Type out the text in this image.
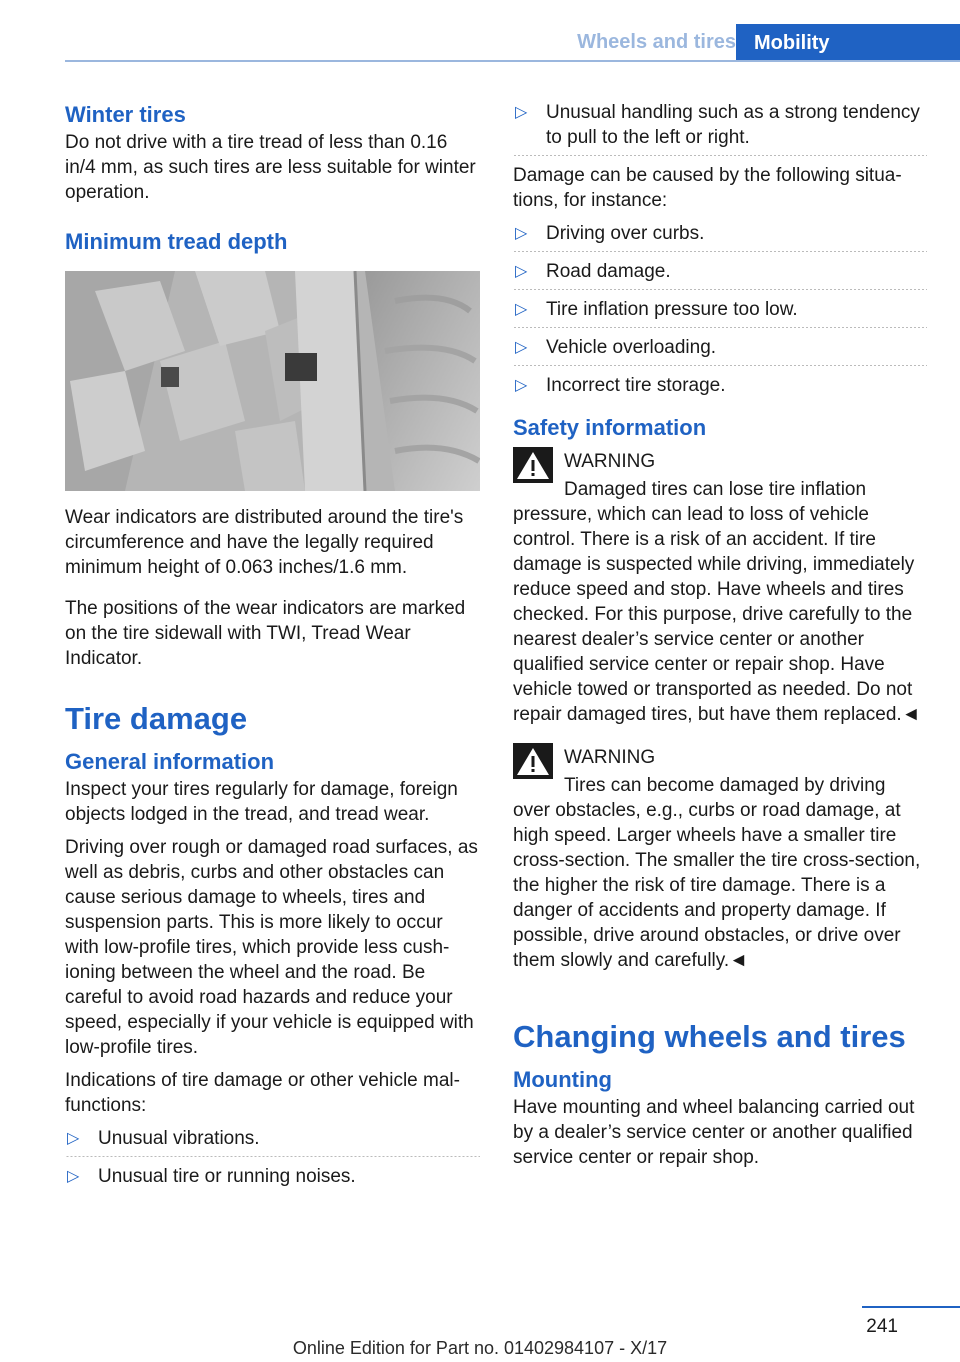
Wheels and tires Mobility
Winter tires

Do not drive with a tire tread of less than 0.16 in/4 mm, as such tires are less suitable for winter operation.

Minimum tread depth

Wear indicators are distributed around the tire's circumference and have the legally required minimum height of 0.063 inches/1.6 mm.

The positions of the wear indicators are marked on the tire sidewall with TWI, Tread Wear Indicator.

Tire damage
General information

Inspect your tires regularly for damage, foreign objects lodged in the tread, and tread wear.

Driving over rough or damaged road surfaces, as well as debris, curbs and other obstacles can cause serious damage to wheels, tires and suspension parts. This is more likely to occur with low-profile tires, which provide less cushioning between the wheel and the road. Be careful to avoid road hazards and reduce your speed, especially if your vehicle is equipped with low-profile tires.

Indications of tire damage or other vehicle malfunctions:

▷ Unusual vibrations.
▷ Unusual tire or running noises.
▷ Unusual handling such as a strong tendency to pull to the left or right.

Damage can be caused by the following situations, for instance:

▷ Driving over curbs.
▷ Road damage.
▷ Tire inflation pressure too low.
▷ Vehicle overloading.
▷ Incorrect tire storage.
Safety information
WARNING
Damaged tires can lose tire inflation

pressure, which can lead to loss of vehicle control. There is a risk of an accident. If tire damage is suspected while driving, immediately reduce speed and stop. Have wheels and tires checked. For this purpose, drive carefully to the nearest dealer’s service center or another qualified service center or repair shop. Have vehicle towed or transported as needed. Do not repair damaged tires, but have them replaced.◄

WARNING
Tires can become damaged by driving

over obstacles, e.g., curbs or road damage, at high speed. Larger wheels have a smaller tire cross-section. The smaller the tire cross-section, the higher the risk of tire damage. There is a danger of accidents and property damage. If possible, drive around obstacles, or drive over them slowly and carefully.◄

Changing wheels and tires
Mounting

Have mounting and wheel balancing carried out by a dealer’s service center or another qualified service center or repair shop.

241
Online Edition for Part no. 01402984107 - X/17
